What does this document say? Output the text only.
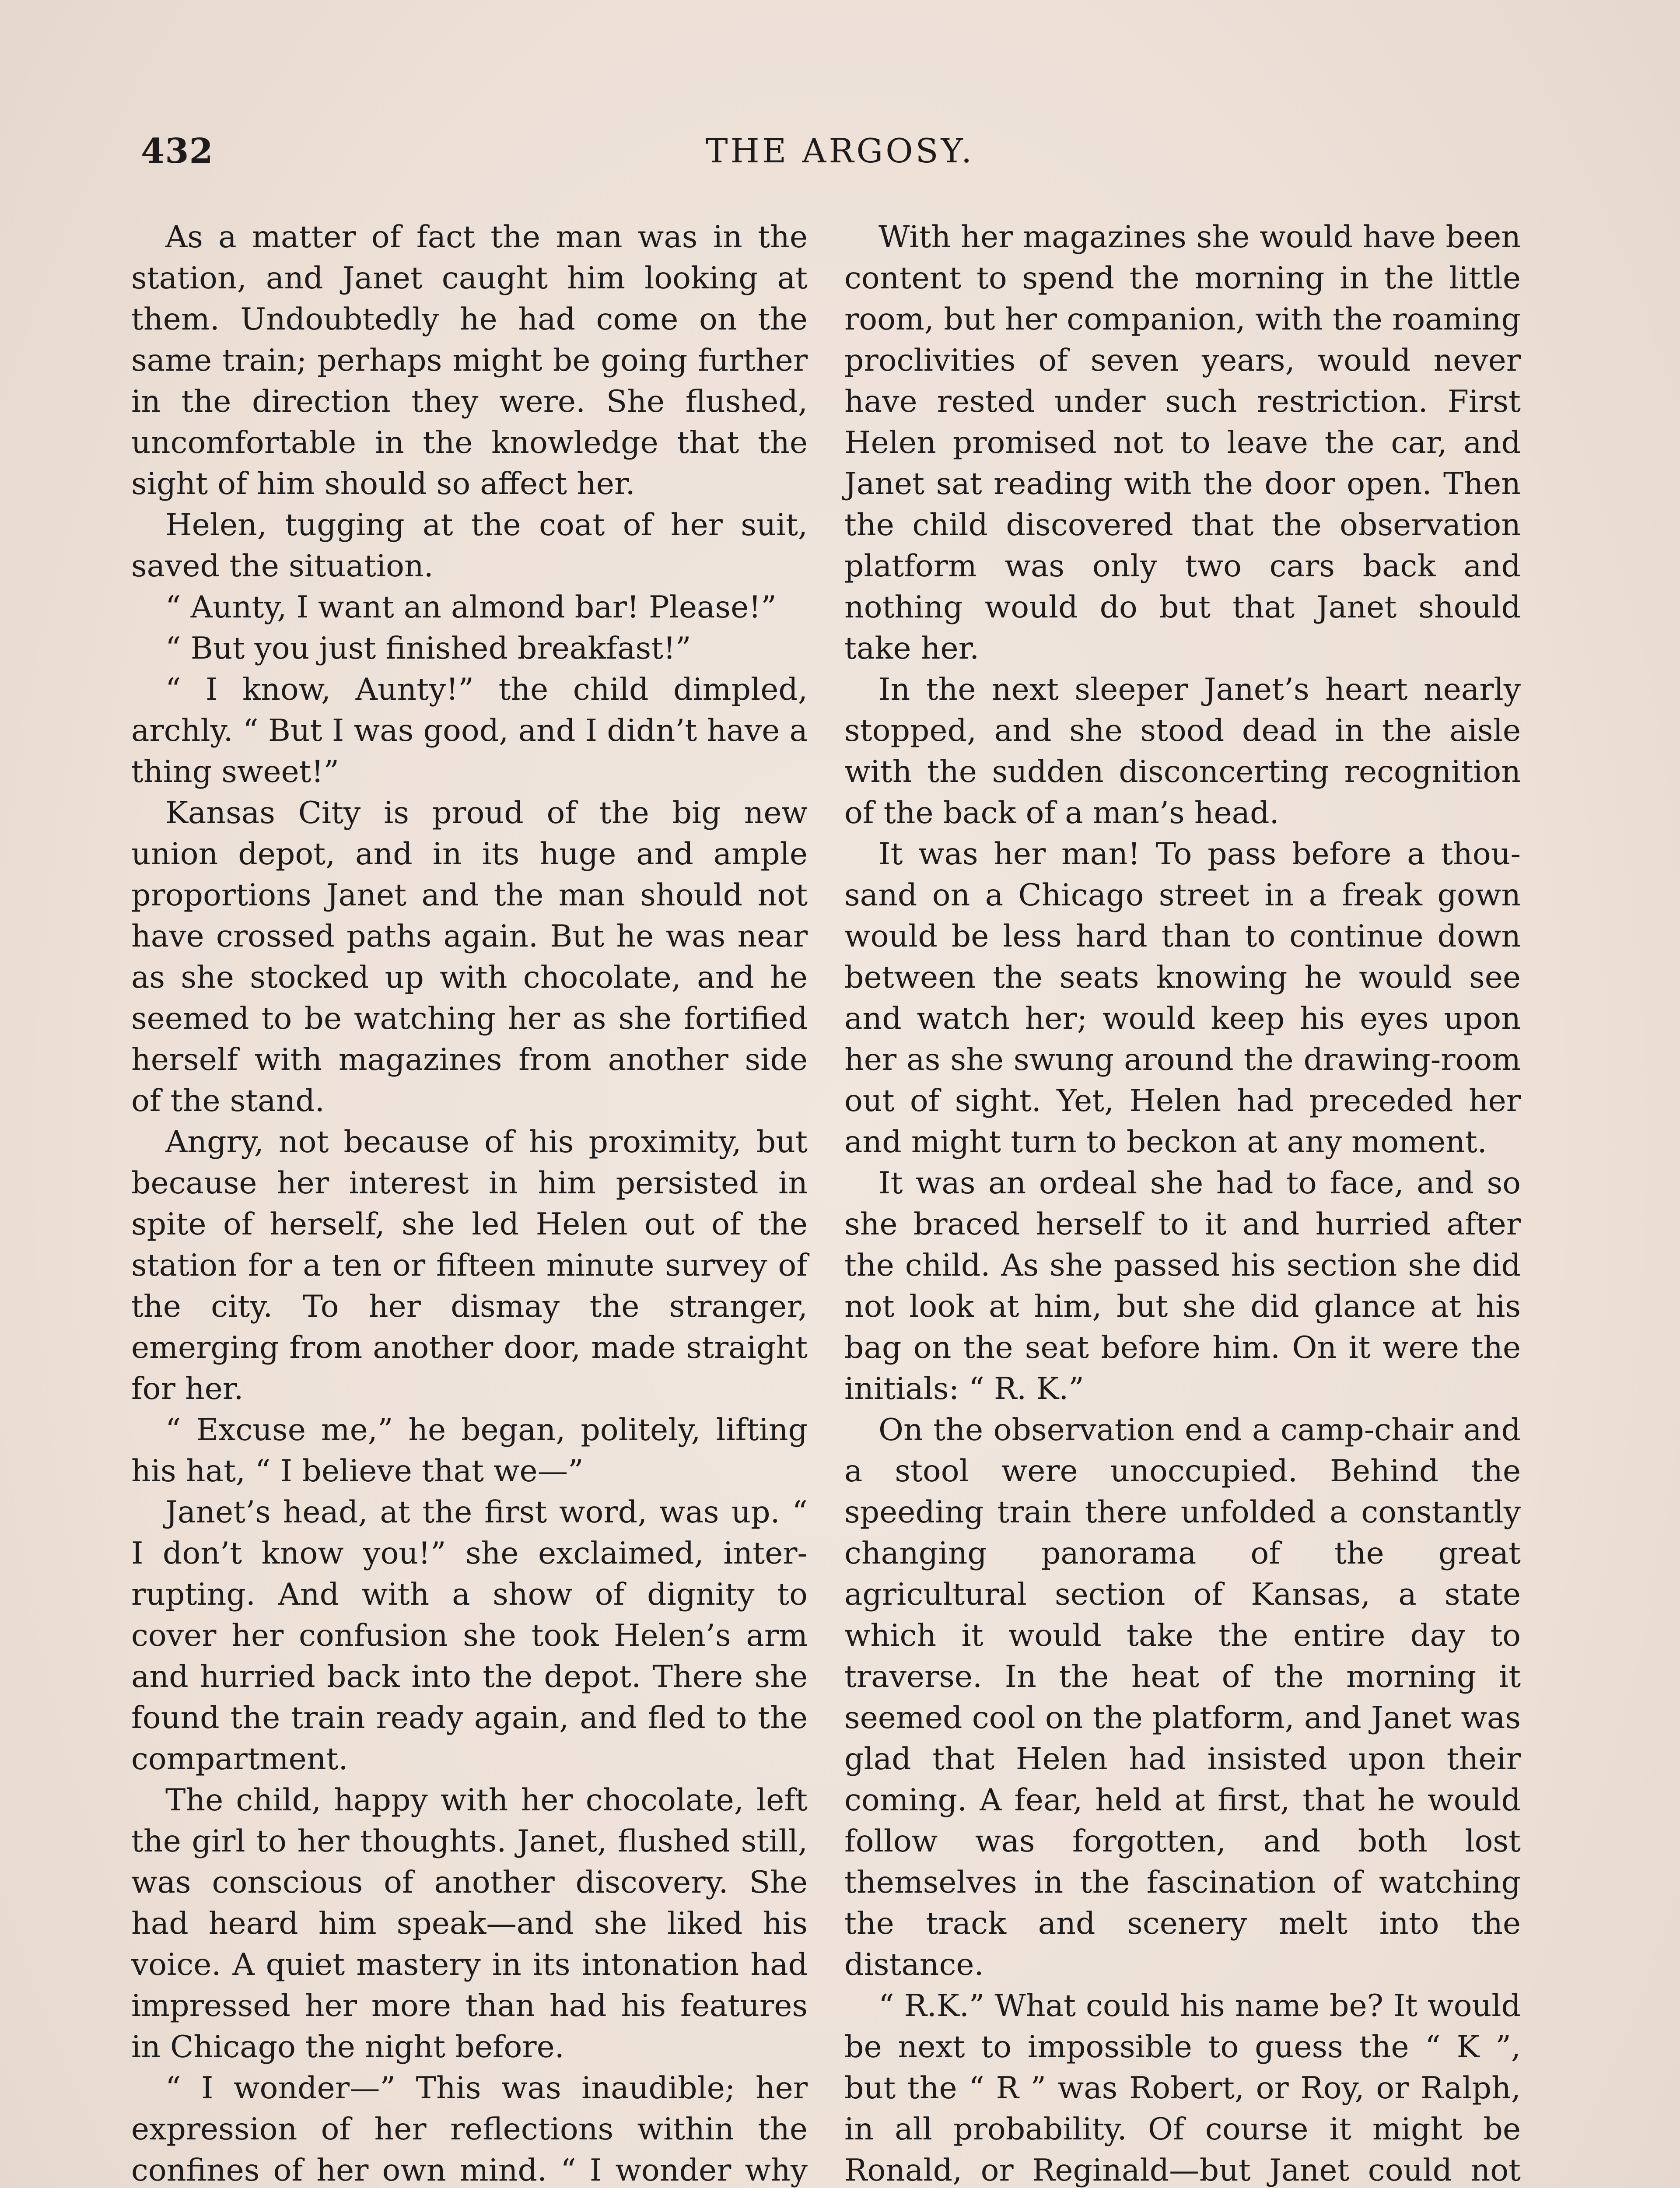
432	THE ARGOSY.

As a matter of fact the man was in the station, and Janet caught him looking at them. Undoubtedly he had come on the same train; perhaps might be going further in the direction they were. She flushed, uncomfortable in the knowledge that the sight of him should so affect her.

Helen, tugging at the coat of her suit, saved the situation.

“ Aunty, I want an almond bar! Please!”

“ But you just finished breakfast!”

“ I know, Aunty!” the child dimpled, archly. “ But I was good, and I didn’t have a thing sweet!”

Kansas City is proud of the big new union depot, and in its huge and ample proportions Janet and the man should not have crossed paths again. But he was near as she stocked up with chocolate, and he seemed to be watching her as she fortified herself with magazines from another side of the stand.

Angry, not because of his proximity, but because her interest in him persisted in spite of herself, she led Helen out of the station for a ten or fifteen minute survey of the city. To her dismay the stranger, emerging from another door, made straight for her.

“ Excuse me,” he began, politely, lifting his hat, “ I believe that we—”

Janet’s head, at the first word, was up. “ I don’t know you!” she exclaimed, interrupting. And with a show of dignity to cover her confusion she took Helen’s arm and hurried back into the depot. There she found the train ready again, and fled to the compartment.

The child, happy with her chocolate, left the girl to her thoughts. Janet, flushed still, was conscious of another discovery. She had heard him speak—and she liked his voice. A quiet mastery in its intonation had impressed her more than had his features in Chicago the night before.

“ I wonder—” This was inaudible; her expression of her reflections within the confines of her own mind. “ I wonder why

With her magazines she would have been content to spend the morning in the little room, but her companion, with the roaming proclivities of seven years, would never have rested under such restriction. First Helen promised not to leave the car, and Janet sat reading with the door open. Then the child discovered that the observation platform was only two cars back and nothing would do but that Janet should take her.

In the next sleeper Janet’s heart nearly stopped, and she stood dead in the aisle with the sudden disconcerting recognition of the back of a man’s head.

It was her man! To pass before a thousand on a Chicago street in a freak gown would be less hard than to continue down between the seats knowing he would see and watch her; would keep his eyes upon her as she swung around the drawing-room out of sight. Yet, Helen had preceded her and might turn to beckon at any moment.

It was an ordeal she had to face, and so she braced herself to it and hurried after the child. As she passed his section she did not look at him, but she did glance at his bag on the seat before him. On it were the initials: “ R. K.”

On the observation end a camp-chair and a stool were unoccupied. Behind the speeding train there unfolded a constantly changing panorama of the great agricultural section of Kansas, a state which it would take the entire day to traverse. In the heat of the morning it seemed cool on the platform, and Janet was glad that Helen had insisted upon their coming. A fear, held at first, that he would follow was forgotten, and both lost themselves in the fascination of watching the track and scenery melt into the distance.

“ R.K.” What could his name be? It would be next to impossible to guess the “ K ”, but the “ R ” was Robert, or Roy, or Ralph, in all probability. Of course it might be Ronald, or Reginald—but Janet could not
